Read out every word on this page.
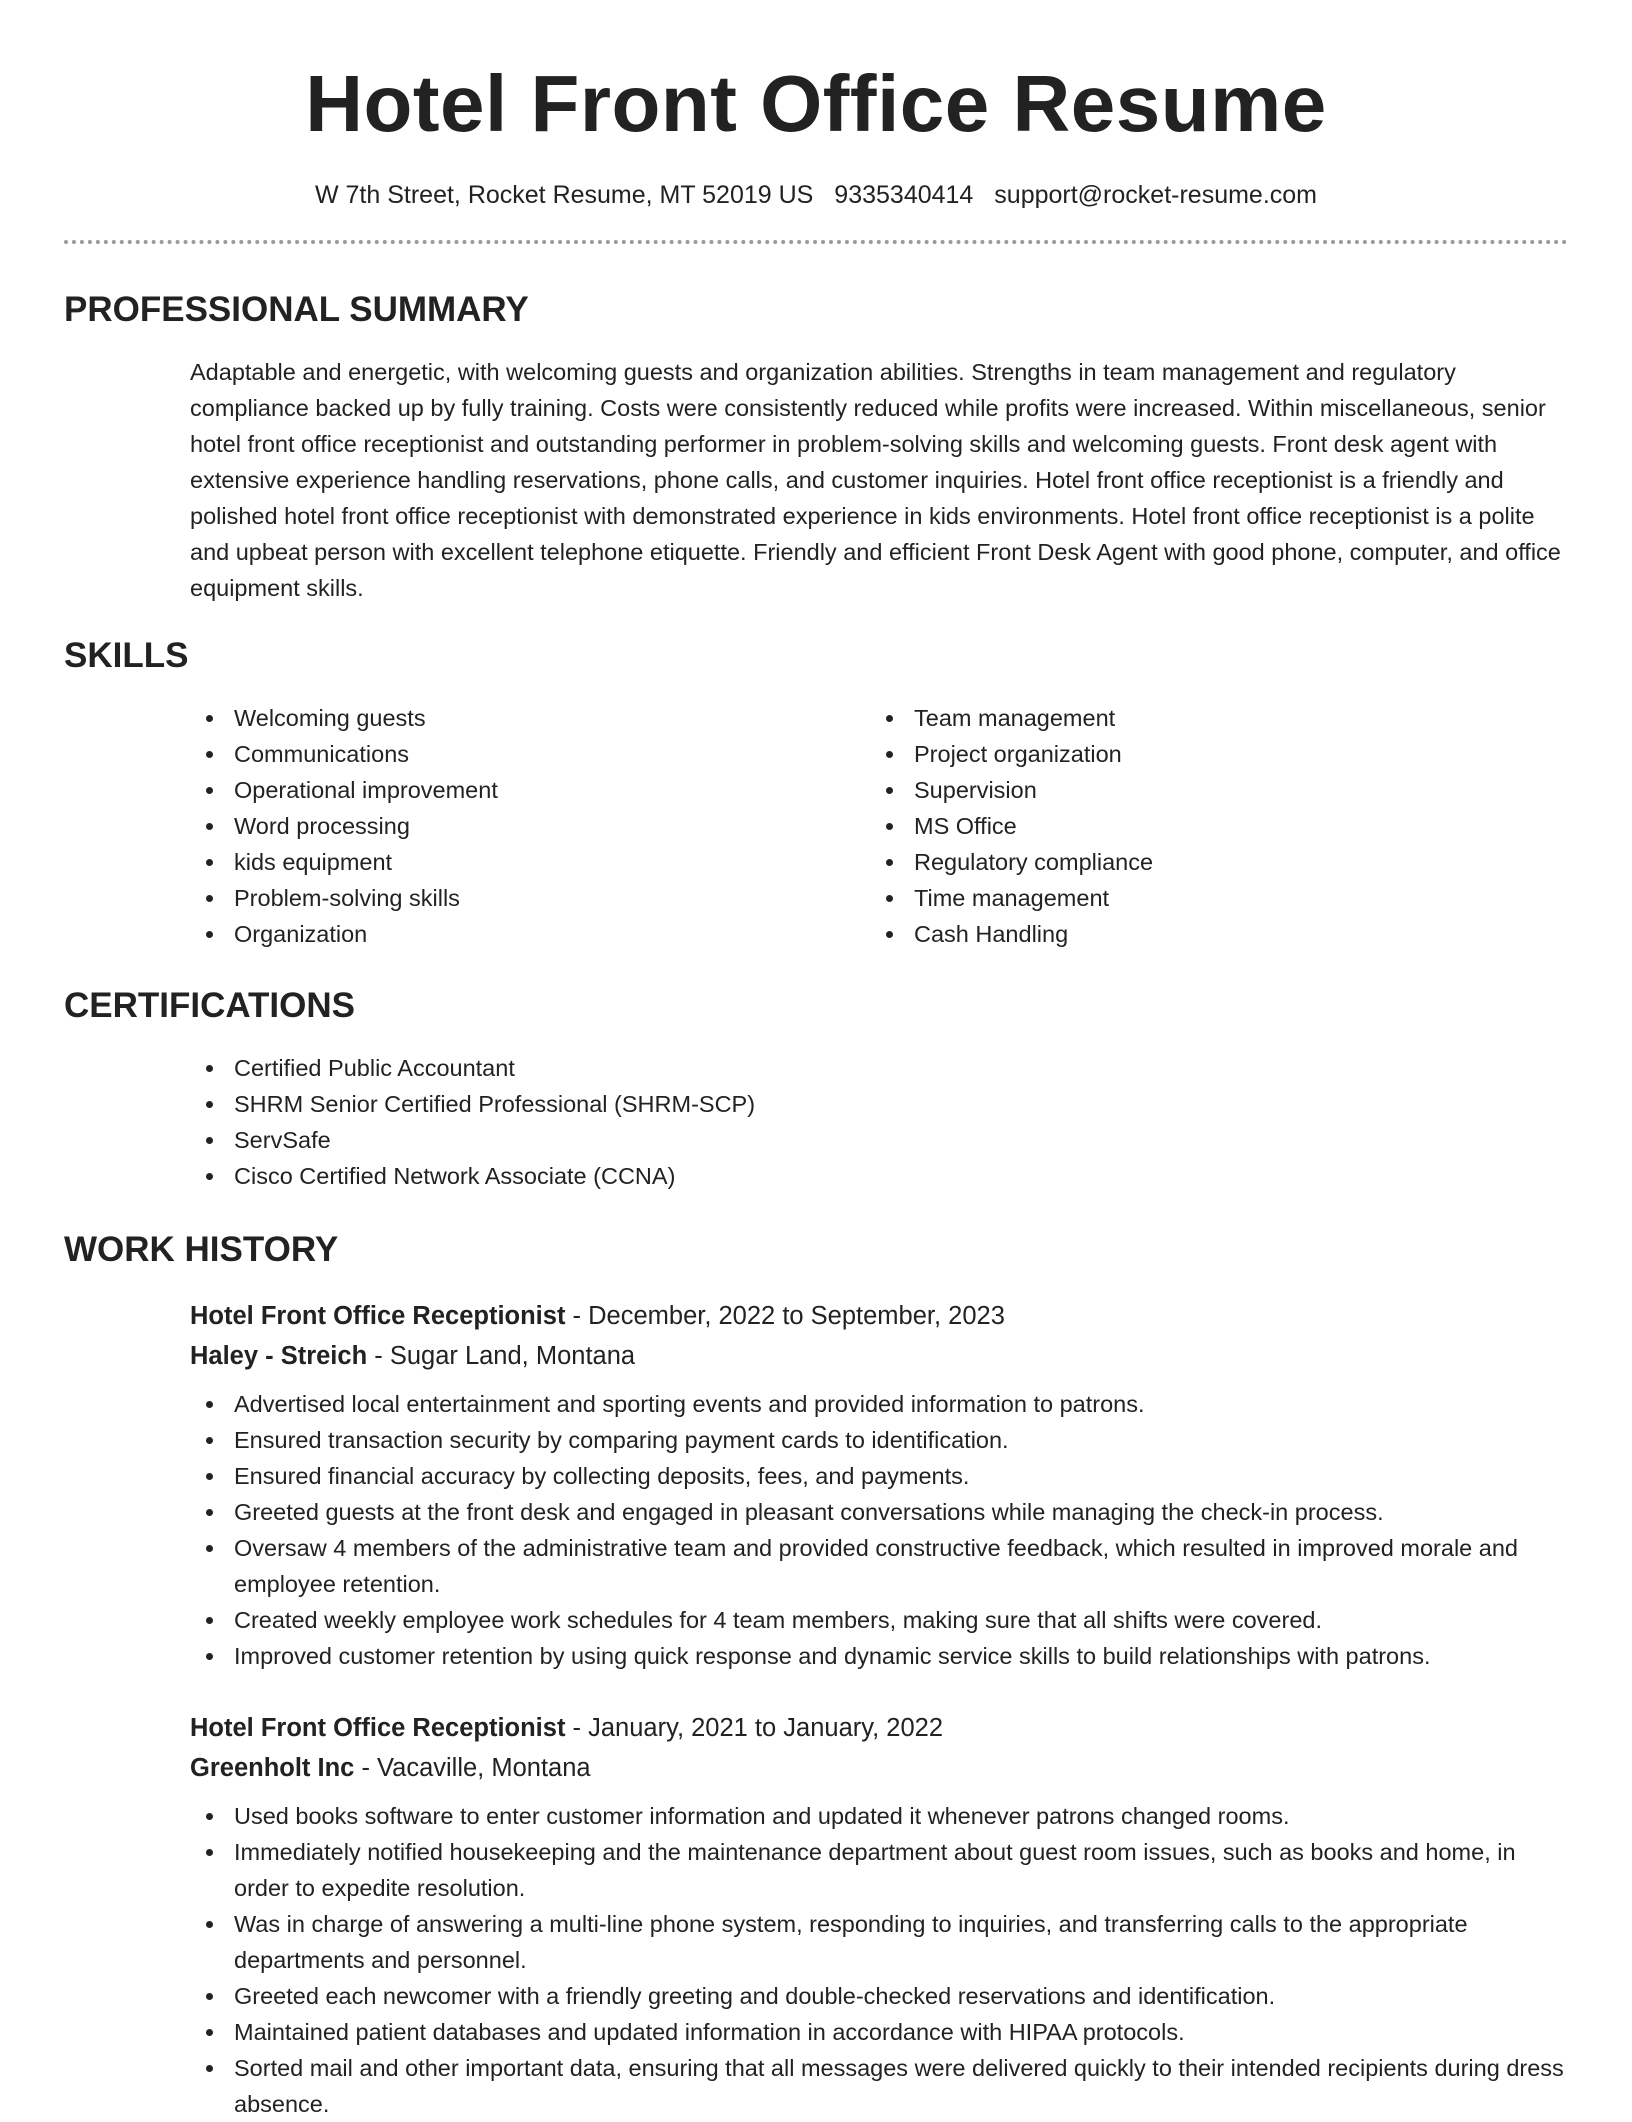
Hotel Front Office Resume
W 7th Street, Rocket Resume, MT 52019 US 9335340414 support@rocket-resume.com
PROFESSIONAL SUMMARY

Adaptable and energetic, with welcoming guests and organization abilities. Strengths in team management and regulatory compliance backed up by fully training. Costs were consistently reduced while profits were increased. Within miscellaneous, senior hotel front office receptionist and outstanding performer in problem-solving skills and welcoming guests. Front desk agent with extensive experience handling reservations, phone calls, and customer inquiries. Hotel front office receptionist is a friendly and polished hotel front office receptionist with demonstrated experience in kids environments. Hotel front office receptionist is a polite and upbeat person with excellent telephone etiquette. Friendly and efficient Front Desk Agent with good phone, computer, and office equipment skills.

SKILLS
Welcoming guests
Communications
Operational improvement
Word processing
kids equipment
Problem-solving skills
Organization
Team management
Project organization
Supervision
MS Office
Regulatory compliance
Time management
Cash Handling
CERTIFICATIONS
Certified Public Accountant
SHRM Senior Certified Professional (SHRM-SCP)
ServSafe
Cisco Certified Network Associate (CCNA)
WORK HISTORY
Hotel Front Office Receptionist - December, 2022 to September, 2023
Haley - Streich - Sugar Land, Montana
Advertised local entertainment and sporting events and provided information to patrons.
Ensured transaction security by comparing payment cards to identification.
Ensured financial accuracy by collecting deposits, fees, and payments.
Greeted guests at the front desk and engaged in pleasant conversations while managing the check-in process.
Oversaw 4 members of the administrative team and provided constructive feedback, which resulted in improved morale and employee retention.
Created weekly employee work schedules for 4 team members, making sure that all shifts were covered.
Improved customer retention by using quick response and dynamic service skills to build relationships with patrons.
Hotel Front Office Receptionist - January, 2021 to January, 2022
Greenholt Inc - Vacaville, Montana
Used books software to enter customer information and updated it whenever patrons changed rooms.
Immediately notified housekeeping and the maintenance department about guest room issues, such as books and home, in order to expedite resolution.
Was in charge of answering a multi-line phone system, responding to inquiries, and transferring calls to the appropriate departments and personnel.
Greeted each newcomer with a friendly greeting and double-checked reservations and identification.
Maintained patient databases and updated information in accordance with HIPAA protocols.
Sorted mail and other important data, ensuring that all messages were delivered quickly to their intended recipients during dress absence.
